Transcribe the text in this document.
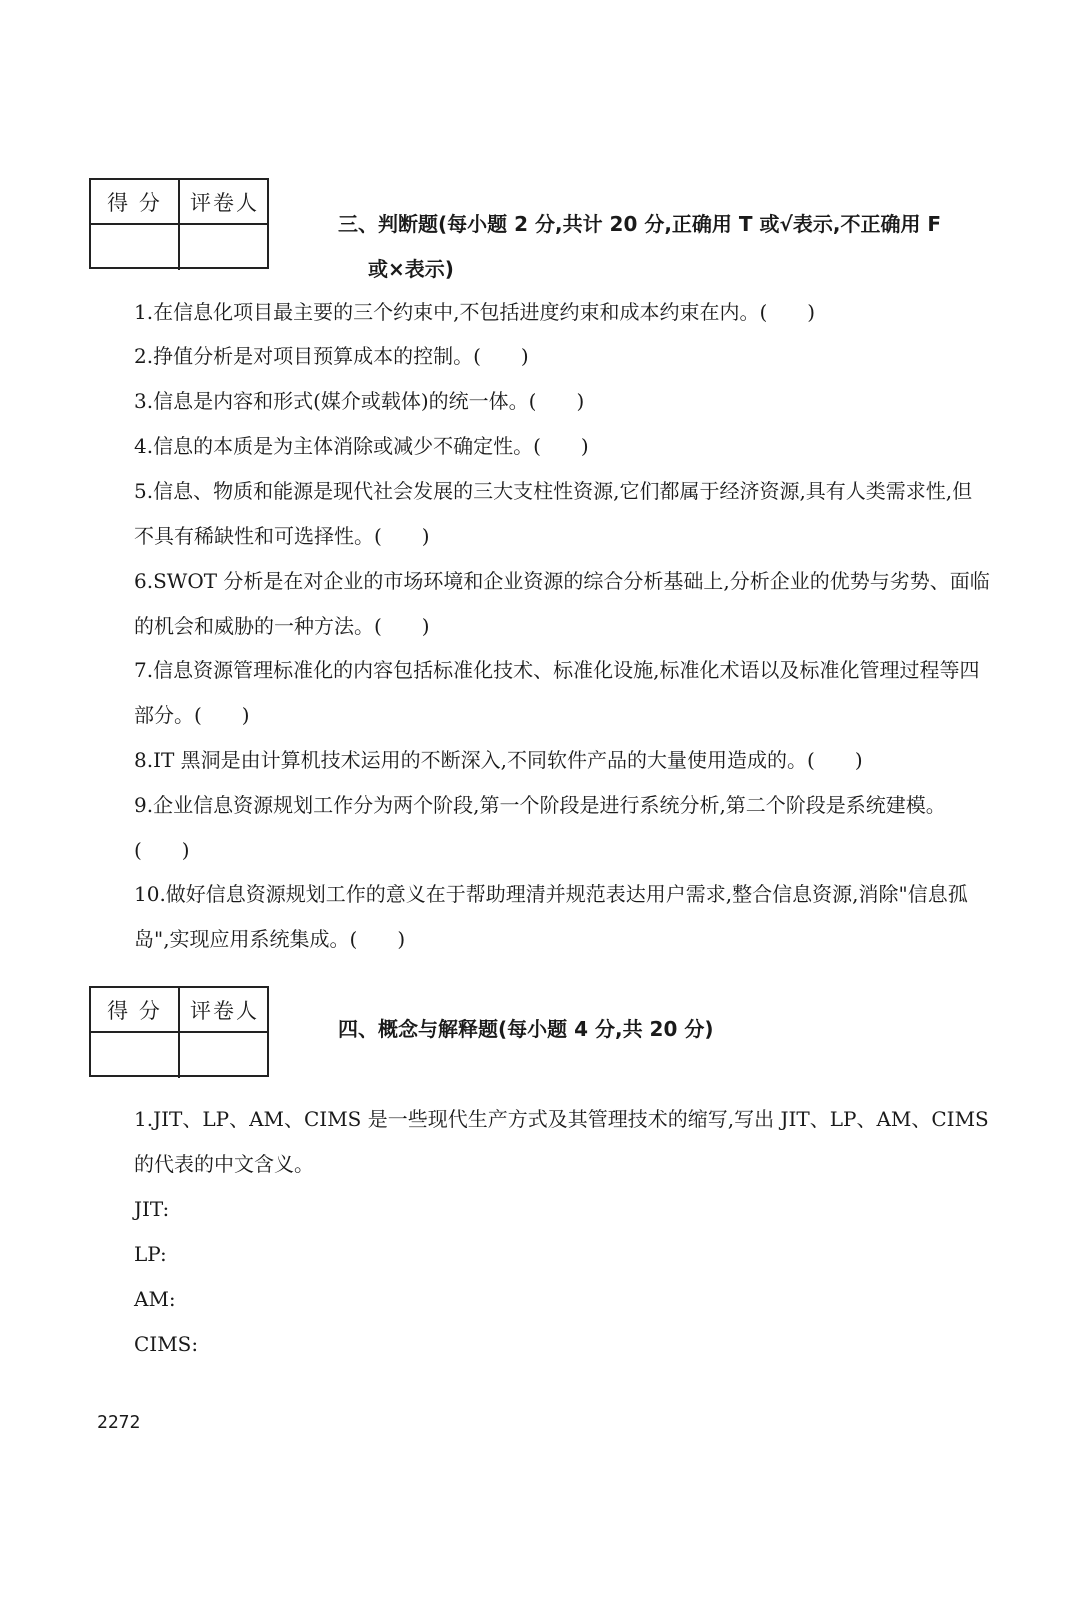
得 分	评卷人
三、判断题(每小题 2 分,共计 20 分,正确用 T 或√表示,不正确用 F
或×表示)
1.在信息化项目最主要的三个约束中,不包括进度约束和成本约束在内。(　　)
2.挣值分析是对项目预算成本的控制。(　　)
3.信息是内容和形式(媒介或载体)的统一体。(　　)
4.信息的本质是为主体消除或减少不确定性。(　　)
5.信息、物质和能源是现代社会发展的三大支柱性资源,它们都属于经济资源,具有人类需求性,但不具有稀缺性和可选择性。(　　)
6.SWOT 分析是在对企业的市场环境和企业资源的综合分析基础上,分析企业的优势与劣势、面临的机会和威胁的一种方法。(　　)
7.信息资源管理标准化的内容包括标准化技术、标准化设施,标准化术语以及标准化管理过程等四部分。(　　)
8.IT 黑洞是由计算机技术运用的不断深入,不同软件产品的大量使用造成的。(　　)
9.企业信息资源规划工作分为两个阶段,第一个阶段是进行系统分析,第二个阶段是系统建模。(　　)
10.做好信息资源规划工作的意义在于帮助理清并规范表达用户需求,整合信息资源,消除"信息孤岛",实现应用系统集成。(　　)
得 分	评卷人
四、概念与解释题(每小题 4 分,共 20 分)
1.JIT、LP、AM、CIMS 是一些现代生产方式及其管理技术的缩写,写出 JIT、LP、AM、CIMS 的代表的中文含义。
JIT:
LP:
AM:
CIMS:
2272
